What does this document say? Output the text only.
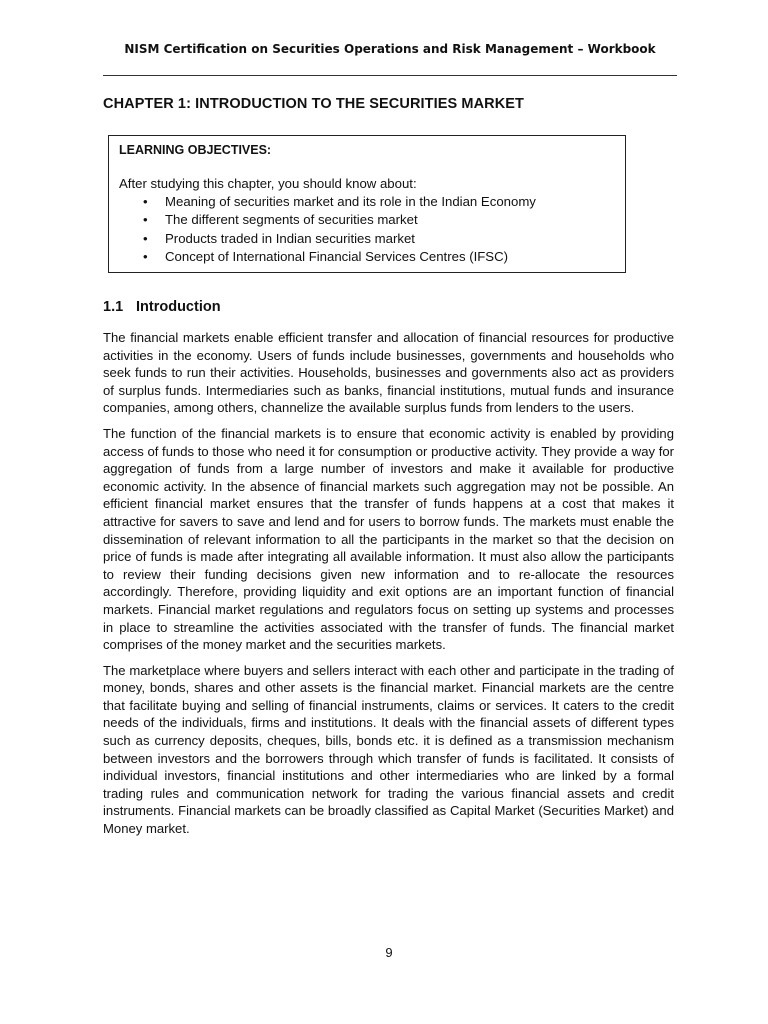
NISM Certification on Securities Operations and Risk Management – Workbook
CHAPTER 1: INTRODUCTION TO THE SECURITIES MARKET
LEARNING OBJECTIVES:
After studying this chapter, you should know about:
• Meaning of securities market and its role in the Indian Economy
• The different segments of securities market
• Products traded in Indian securities market
• Concept of International Financial Services Centres (IFSC)
1.1 Introduction

The financial markets enable efficient transfer and allocation of financial resources for productive activities in the economy. Users of funds include businesses, governments and households who seek funds to run their activities. Households, businesses and governments also act as providers of surplus funds. Intermediaries such as banks, financial institutions, mutual funds and insurance companies, among others, channelize the available surplus funds from lenders to the users.

The function of the financial markets is to ensure that economic activity is enabled by providing access of funds to those who need it for consumption or productive activity. They provide a way for aggregation of funds from a large number of investors and make it available for productive economic activity. In the absence of financial markets such aggregation may not be possible. An efficient financial market ensures that the transfer of funds happens at a cost that makes it attractive for savers to save and lend and for users to borrow funds. The markets must enable the dissemination of relevant information to all the participants in the market so that the decision on price of funds is made after integrating all available information. It must also allow the participants to review their funding decisions given new information and to re-allocate the resources accordingly. Therefore, providing liquidity and exit options are an important function of financial markets. Financial market regulations and regulators focus on setting up systems and processes in place to streamline the activities associated with the transfer of funds. The financial market comprises of the money market and the securities markets.

The marketplace where buyers and sellers interact with each other and participate in the trading of money, bonds, shares and other assets is the financial market. Financial markets are the centre that facilitate buying and selling of financial instruments, claims or services. It caters to the credit needs of the individuals, firms and institutions. It deals with the financial assets of different types such as currency deposits, cheques, bills, bonds etc. it is defined as a transmission mechanism between investors and the borrowers through which transfer of funds is facilitated. It consists of individual investors, financial institutions and other intermediaries who are linked by a formal trading rules and communication network for trading the various financial assets and credit instruments. Financial markets can be broadly classified as Capital Market (Securities Market) and Money market.

9
